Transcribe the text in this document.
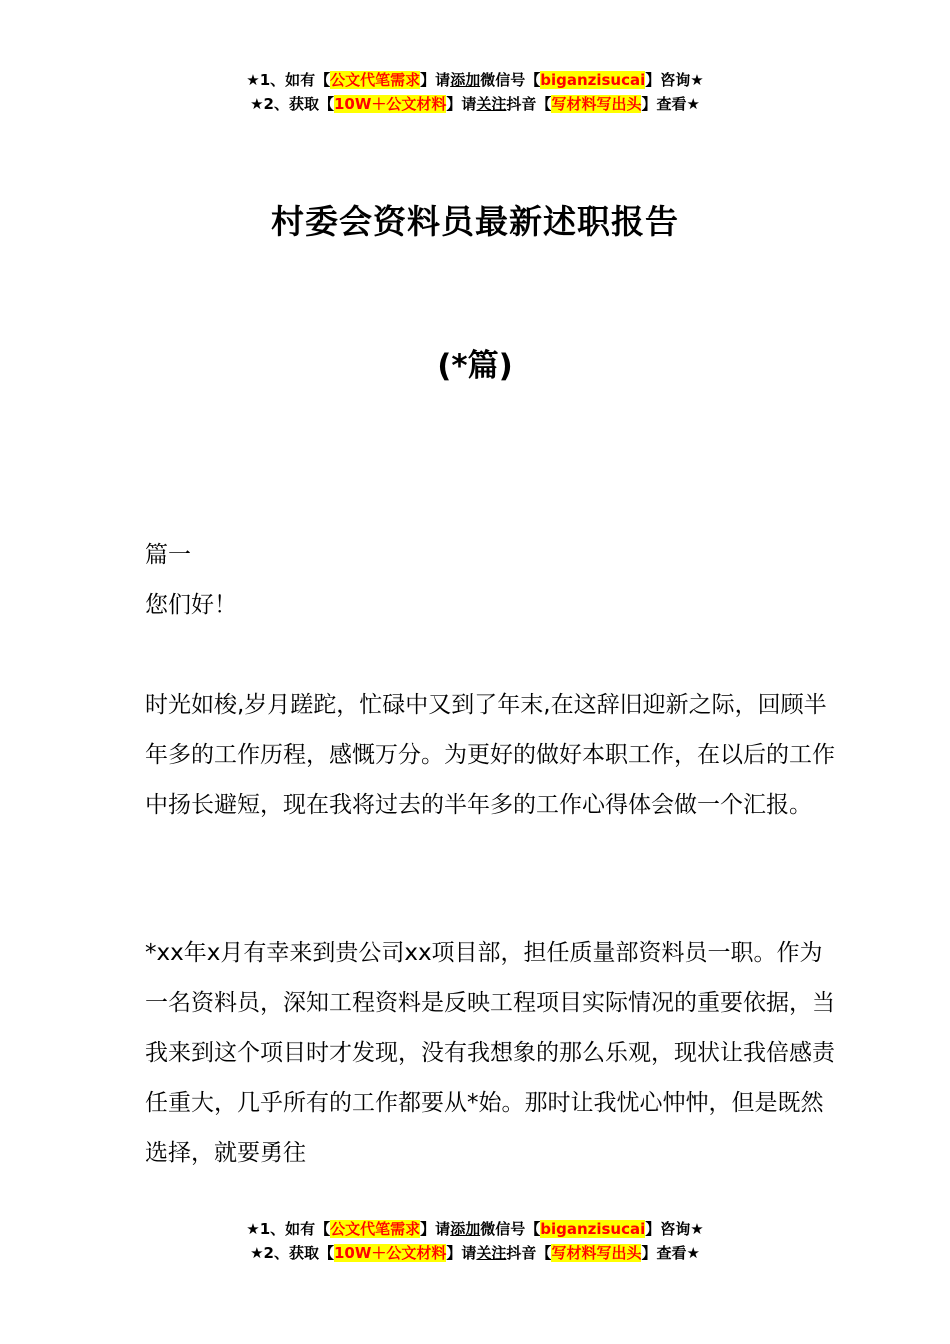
★1、如有【公文代笔需求】请添加微信号【biganzisucai】咨询★
★2、获取【10W＋公文材料】请关注抖音【写材料写出头】查看★
村委会资料员最新述职报告
(*篇)
篇一
您们好！

时光如梭,岁月蹉跎，忙碌中又到了年末,在这辞旧迎新之际，回顾半年多的工作历程，感慨万分。为更好的做好本职工作，在以后的工作中扬长避短，现在我将过去的半年多的工作心得体会做一个汇报。

*xx年x月有幸来到贵公司xx项目部，担任质量部资料员一职。作为一名资料员，深知工程资料是反映工程项目实际情况的重要依据，当我来到这个项目时才发现，没有我想象的那么乐观，现状让我倍感责任重大，几乎所有的工作都要从*始。那时让我忧心忡忡，但是既然选择，就要勇往

★1、如有【公文代笔需求】请添加微信号【biganzisucai】咨询★
★2、获取【10W＋公文材料】请关注抖音【写材料写出头】查看★
